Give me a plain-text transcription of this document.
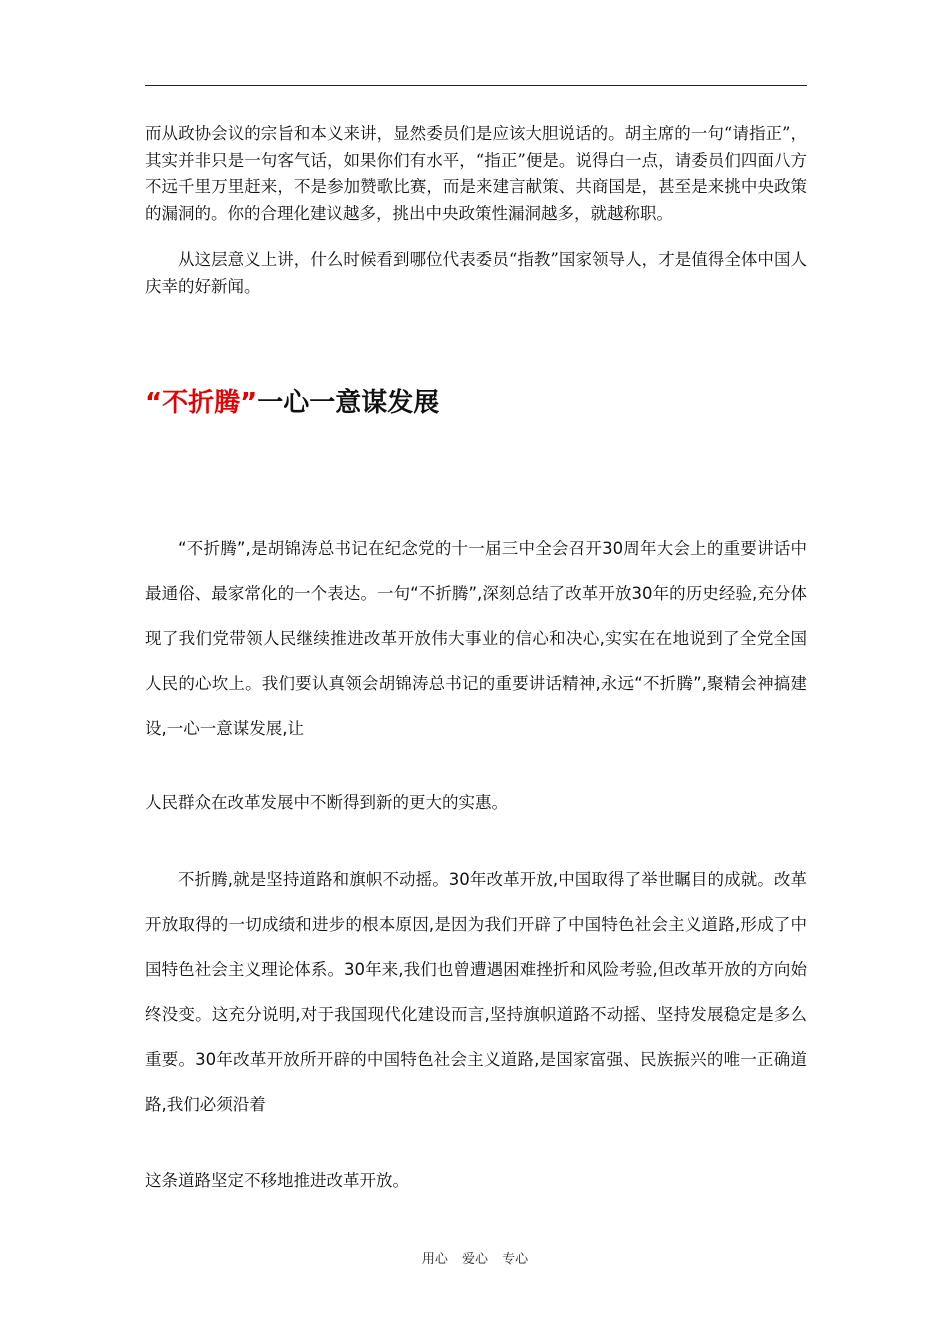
而从政协会议的宗旨和本义来讲，显然委员们是应该大胆说话的。胡主席的一句“请指正”，其实并非只是一句客气话，如果你们有水平，“指正”便是。说得白一点，请委员们四面八方不远千里万里赶来，不是参加赞歌比赛，而是来建言献策、共商国是，甚至是来挑中央政策的漏洞的。你的合理化建议越多，挑出中央政策性漏洞越多，就越称职。

从这层意义上讲，什么时候看到哪位代表委员“指教”国家领导人，才是值得全体中国人庆幸的好新闻。

“不折腾”一心一意谋发展

“不折腾”,是胡锦涛总书记在纪念党的十一届三中全会召开30周年大会上的重要讲话中最通俗、最家常化的一个表达。一句“不折腾”,深刻总结了改革开放30年的历史经验,充分体现了我们党带领人民继续推进改革开放伟大事业的信心和决心,实实在在地说到了全党全国人民的心坎上。我们要认真领会胡锦涛总书记的重要讲话精神,永远“不折腾”,聚精会神搞建设,一心一意谋发展,让

人民群众在改革发展中不断得到新的更大的实惠。

不折腾,就是坚持道路和旗帜不动摇。30年改革开放,中国取得了举世瞩目的成就。改革开放取得的一切成绩和进步的根本原因,是因为我们开辟了中国特色社会主义道路,形成了中国特色社会主义理论体系。30年来,我们也曾遭遇困难挫折和风险考验,但改革开放的方向始终没变。这充分说明,对于我国现代化建设而言,坚持旗帜道路不动摇、坚持发展稳定是多么重要。30年改革开放所开辟的中国特色社会主义道路,是国家富强、民族振兴的唯一正确道路,我们必须沿着

这条道路坚定不移地推进改革开放。

用心 爱心 专心
